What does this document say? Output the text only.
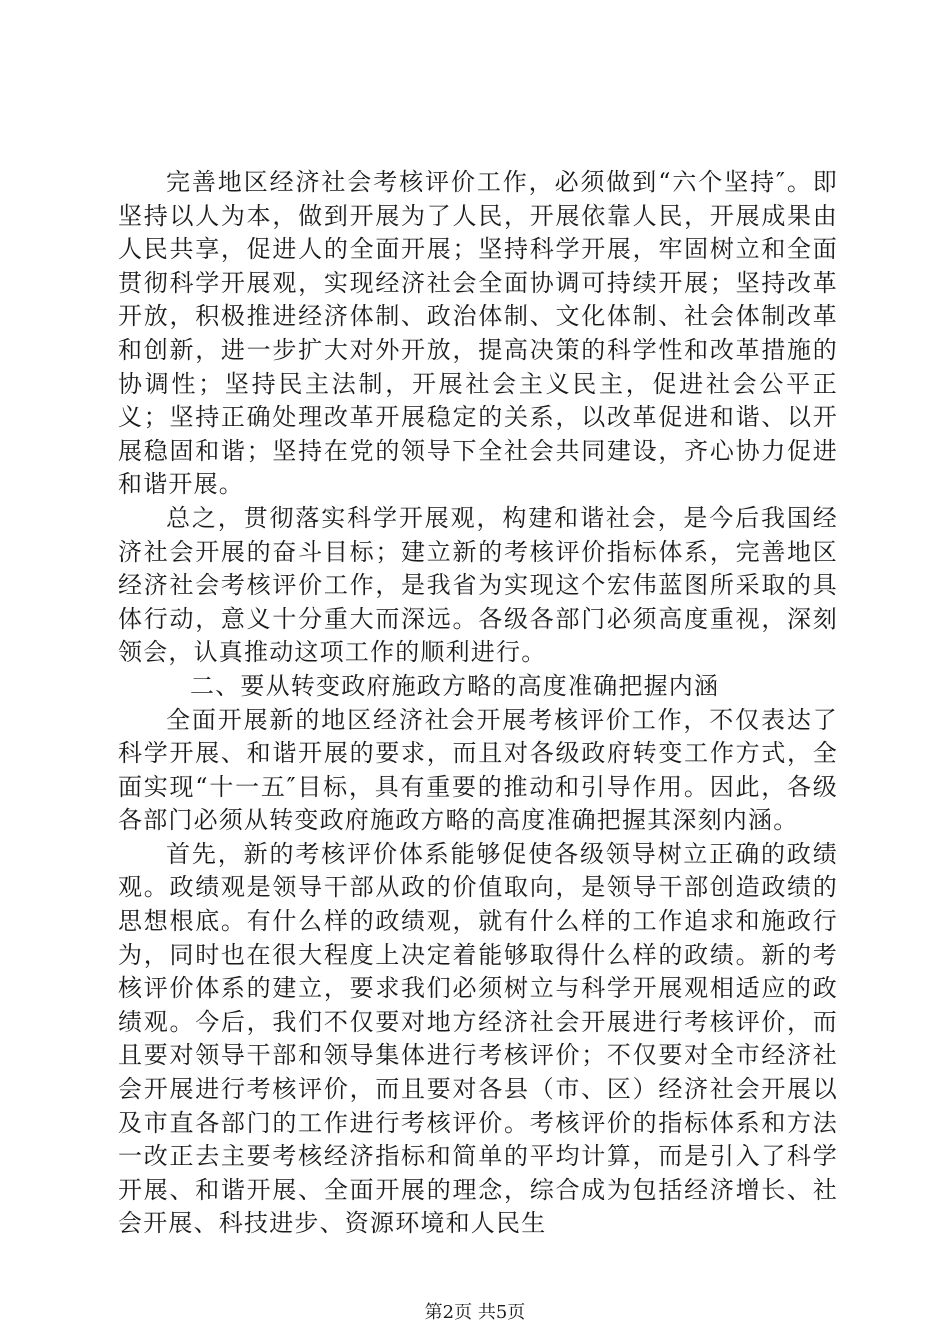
完善地区经济社会考核评价工作，必须做到“六个坚持″。即坚持以人为本，做到开展为了人民，开展依靠人民，开展成果由人民共享，促进人的全面开展；坚持科学开展，牢固树立和全面贯彻科学开展观，实现经济社会全面协调可持续开展；坚持改革开放，积极推进经济体制、政治体制、文化体制、社会体制改革和创新，进一步扩大对外开放，提高决策的科学性和改革措施的协调性；坚持民主法制，开展社会主义民主，促进社会公平正义；坚持正确处理改革开展稳定的关系，以改革促进和谐、以开展稳固和谐；坚持在党的领导下全社会共同建设，齐心协力促进和谐开展。

总之，贯彻落实科学开展观，构建和谐社会，是今后我国经济社会开展的奋斗目标；建立新的考核评价指标体系，完善地区经济社会考核评价工作，是我省为实现这个宏伟蓝图所采取的具体行动，意义十分重大而深远。各级各部门必须高度重视，深刻领会，认真推动这项工作的顺利进行。

二、要从转变政府施政方略的高度准确把握内涵

全面开展新的地区经济社会开展考核评价工作，不仅表达了科学开展、和谐开展的要求，而且对各级政府转变工作方式，全面实现“十一五″目标，具有重要的推动和引导作用。因此，各级各部门必须从转变政府施政方略的高度准确把握其深刻内涵。

首先，新的考核评价体系能够促使各级领导树立正确的政绩观。政绩观是领导干部从政的价值取向，是领导干部创造政绩的思想根底。有什么样的政绩观，就有什么样的工作追求和施政行为，同时也在很大程度上决定着能够取得什么样的政绩。新的考核评价体系的建立，要求我们必须树立与科学开展观相适应的政绩观。今后，我们不仅要对地方经济社会开展进行考核评价，而且要对领导干部和领导集体进行考核评价；不仅要对全市经济社会开展进行考核评价，而且要对各县（市、区）经济社会开展以及市直各部门的工作进行考核评价。考核评价的指标体系和方法一改正去主要考核经济指标和简单的平均计算，而是引入了科学开展、和谐开展、全面开展的理念，综合成为包括经济增长、社会开展、科技进步、资源环境和人民生

第2页 共5页
